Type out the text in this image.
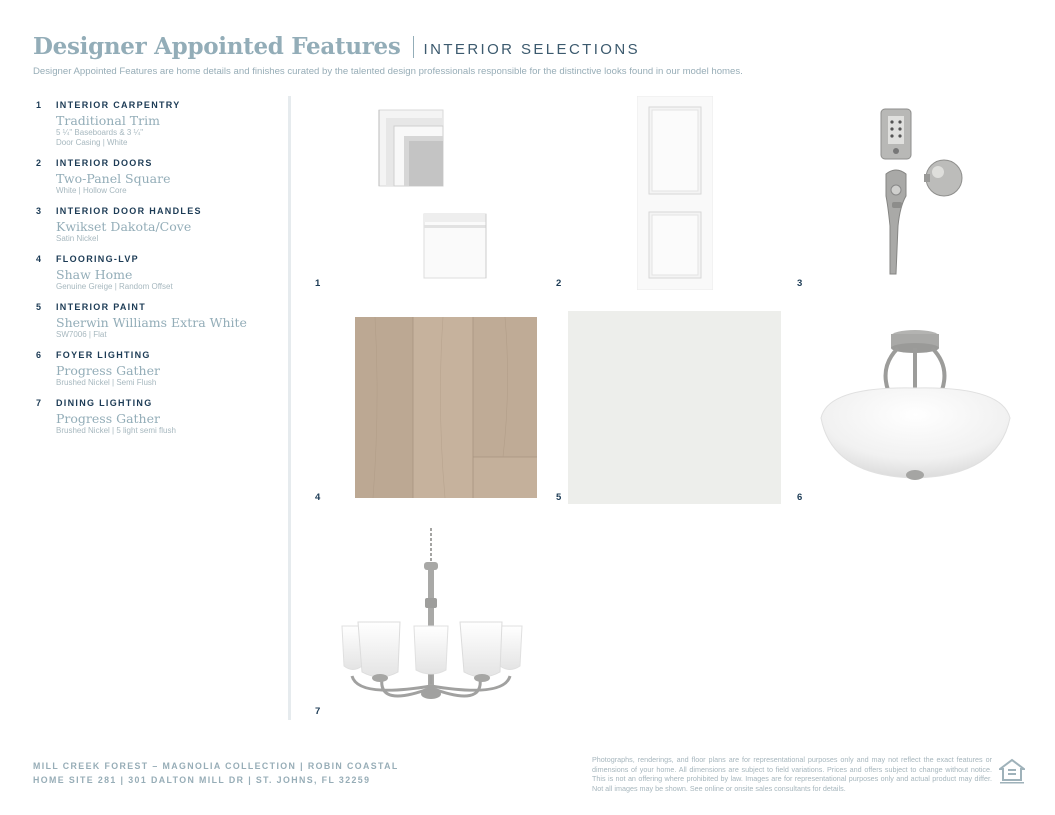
Designer Appointed Features INTERIOR SELECTIONS
Designer Appointed Features are home details and finishes curated by the talented design professionals responsible for the distinctive looks found in our model homes.
1	INTERIOR CARPENTRY
Traditional Trim
5 ¼" Baseboards & 3 ¼"
Door Casing | White
2	INTERIOR DOORS
Two-Panel Square
White | Hollow Core
3	INTERIOR DOOR HANDLES
Kwikset Dakota/Cove
Satin Nickel
4	FLOORING-LVP
Shaw Home
Genuine Greige | Random Offset
5	INTERIOR PAINT
Sherwin Williams Extra White
SW7006 | Flat
6	FOYER LIGHTING
Progress Gather
Brushed Nickel | Semi Flush
7	DINING LIGHTING
Progress Gather
Brushed Nickel | 5 light semi flush
1	2	3
4	5	6
7
MILL CREEK FOREST – MAGNOLIA COLLECTION | ROBIN COASTAL
HOME SITE 281 | 301 DALTON MILL DR | ST. JOHNS, FL 32259
Photographs, renderings, and floor plans are for representational purposes only and may not reflect the exact features or dimensions of your home. All dimensions are subject to field variations. Prices and offers subject to change without notice. This is not an offering where prohibited by law. Images are for representational purposes only and actual product may differ. Not all images may be shown. See online or onsite sales consultants for details.
